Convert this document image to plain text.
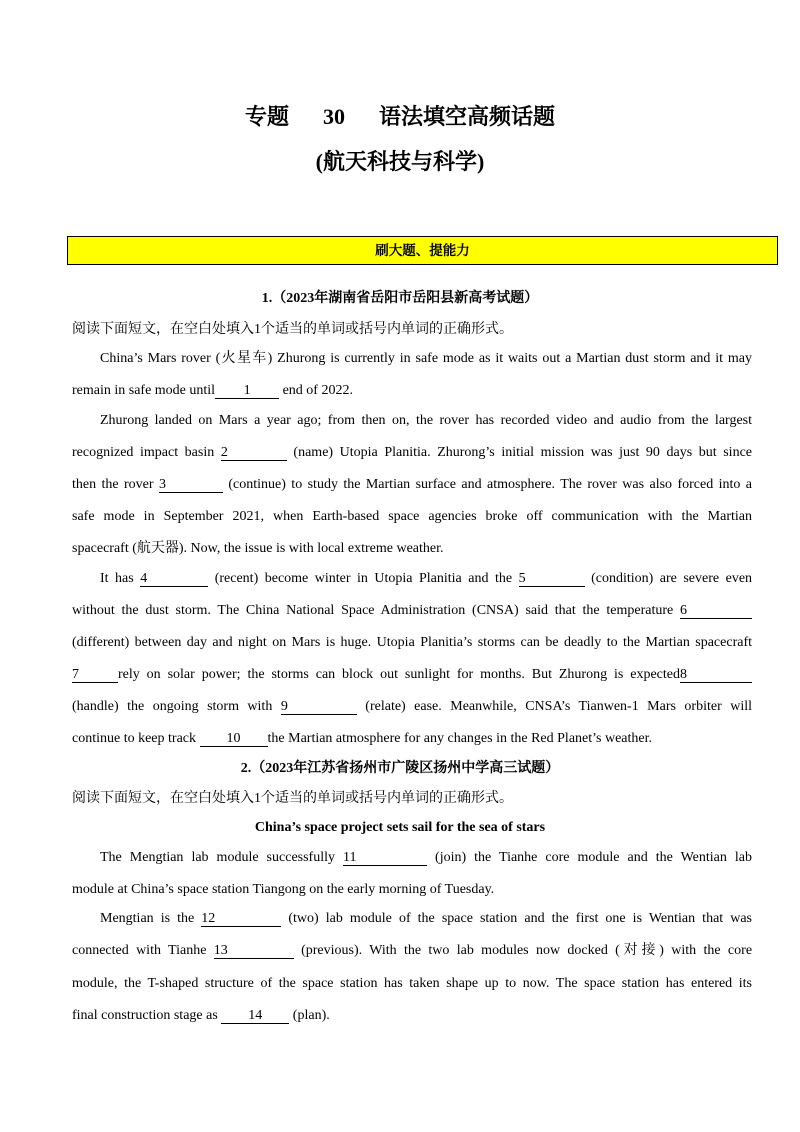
专题 30 语法填空高频话题
(航天科技与科学)
刷大题、提能力
1.（2023年湖南省岳阳市岳阳县新高考试题）
阅读下面短文，在空白处填入1个适当的单词或括号内单词的正确形式。
China’s Mars rover (火星车) Zhurong is currently in safe mode as it waits out a Martian dust storm and it may
remain in safe mode until 1 end of 2022.
Zhurong landed on Mars a year ago; from then on, the rover has recorded video and audio from the largest
recognized impact basin 2	(name) Utopia Planitia. Zhurong’s initial mission was just 90 days but since
then the rover 3	(continue) to study the Martian surface and atmosphere. The rover was also forced into a
safe mode in September 2021, when Earth-based space agencies broke off communication with the Martian
spacecraft (航天器). Now, the issue is with local extreme weather.
It has 4	(recent) become winter in Utopia Planitia and the 5	(condition) are severe even
without the dust storm. The China National Space Administration (CNSA) said that the temperature 6
(different) between day and night on Mars is huge. Utopia Planitia’s storms can be deadly to the Martian spacecraft
7	rely on solar power; the storms can block out sunlight for months. But Zhurong is expected8
(handle) the ongoing storm with 9	(relate) ease. Meanwhile, CNSA’s Tianwen-1 Mars orbiter will
continue to keep track 10 the Martian atmosphere for any changes in the Red Planet’s weather.
2.（2023年江苏省扬州市广陵区扬州中学高三试题）
阅读下面短文，在空白处填入1个适当的单词或括号内单词的正确形式。
China’s space project sets sail for the sea of stars
The Mengtian lab module successfully 11	(join) the Tianhe core module and the Wentian lab
module at China’s space station Tiangong on the early morning of Tuesday.
Mengtian is the 12	(two) lab module of the space station and the first one is Wentian that was
connected with Tianhe 13	(previous). With the two lab modules now docked (对接) with the core
module, the T-shaped structure of the space station has taken shape up to now. The space station has entered its
final construction stage as 14 (plan).
